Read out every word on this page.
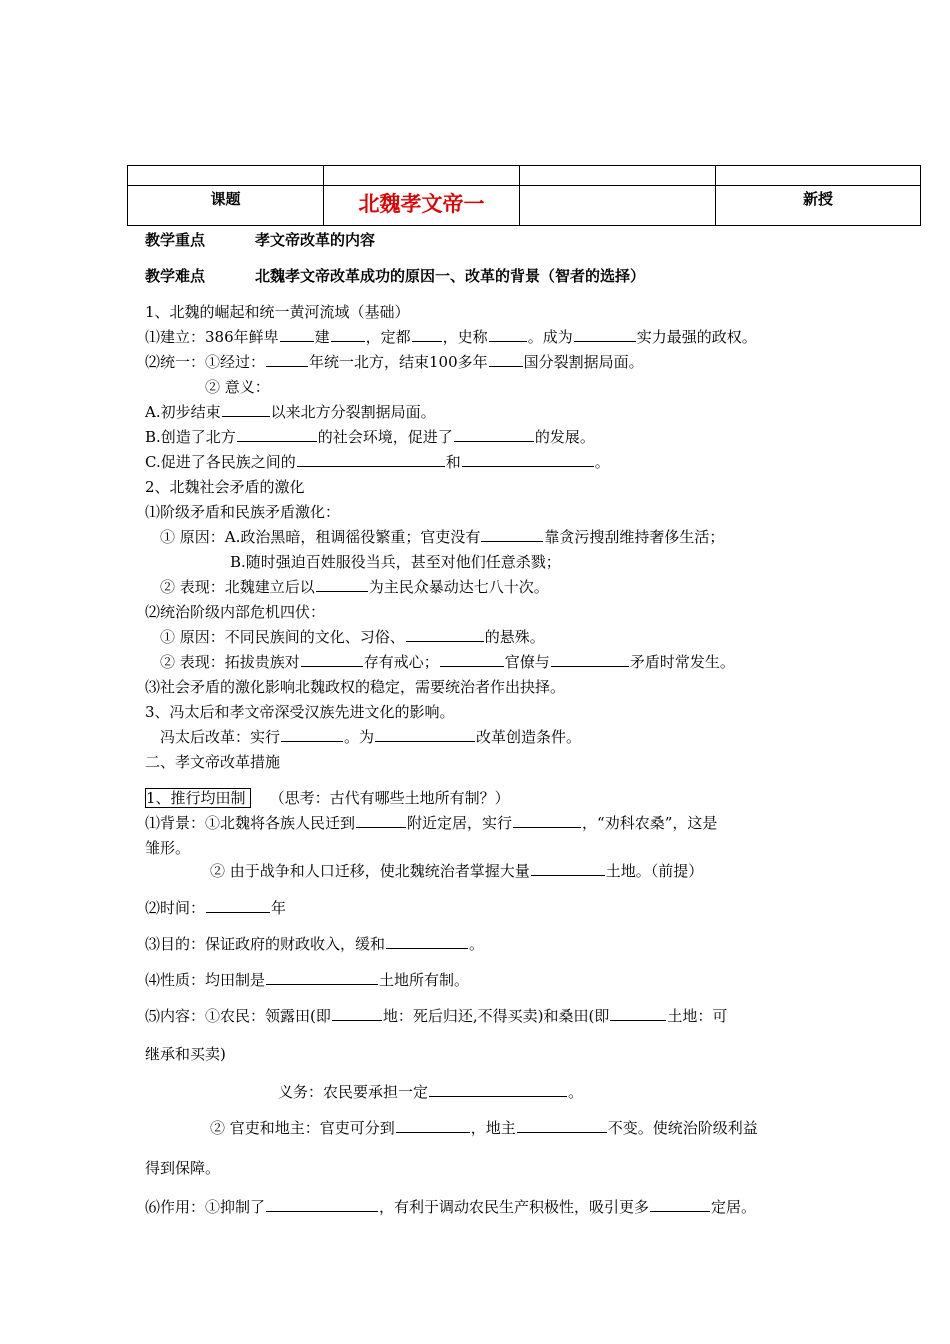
课题	北魏孝文帝一		新授
教学重点	孝文帝改革的内容
教学难点	北魏孝文帝改革成功的原因一、改革的背景（智者的选择）
1、北魏的崛起和统一黄河流域（基础）
⑴建立：386年鲜卑 建 ，定都 ，史称	。成为	实力最强的政权。
⑵统一：①经过：	年统一北方，结束100多年 国分裂割据局面。
② 意义：
A.初步结束	以来北方分裂割据局面。
B.创造了北方	的社会环境，促进了	的发展。
C.促进了各民族之间的	和	。
2、北魏社会矛盾的激化
⑴阶级矛盾和民族矛盾激化：
① 原因：A.政治黑暗，租调徭役繁重；官吏没有	靠贪污搜刮维持奢侈生活；
B.随时强迫百姓服役当兵，甚至对他们任意杀戮；
② 表现：北魏建立后以	为主民众暴动达七八十次。
⑵统治阶级内部危机四伏：
① 原因：不同民族间的文化、习俗、	的悬殊。
② 表现：拓拔贵族对	存有戒心；	官僚与	矛盾时常发生。
⑶社会矛盾的激化影响北魏政权的稳定，需要统治者作出抉择。
3、冯太后和孝文帝深受汉族先进文化的影响。
冯太后改革：实行	。为	改革创造条件。
二、孝文帝改革措施
1、推行均田制 （思考：古代有哪些土地所有制？）
⑴背景：①北魏将各族人民迁到	附近定居，实行	，“劝科农桑”，这是
雏形。
② 由于战争和人口迁移，使北魏统治者掌握大量	土地。（前提）
⑵时间：	年
⑶目的：保证政府的财政收入，缓和	。
⑷性质：均田制是	土地所有制。
⑸内容：①农民：领露田(即	地：死后归还,不得买卖)和桑田(即	土地：可
继承和买卖)
义务：农民要承担一定	。
② 官吏和地主：官吏可分到	，地主	不变。使统治阶级利益
得到保障。
⑹作用：①抑制了	，有利于调动农民生产积极性，吸引更多	定居。
